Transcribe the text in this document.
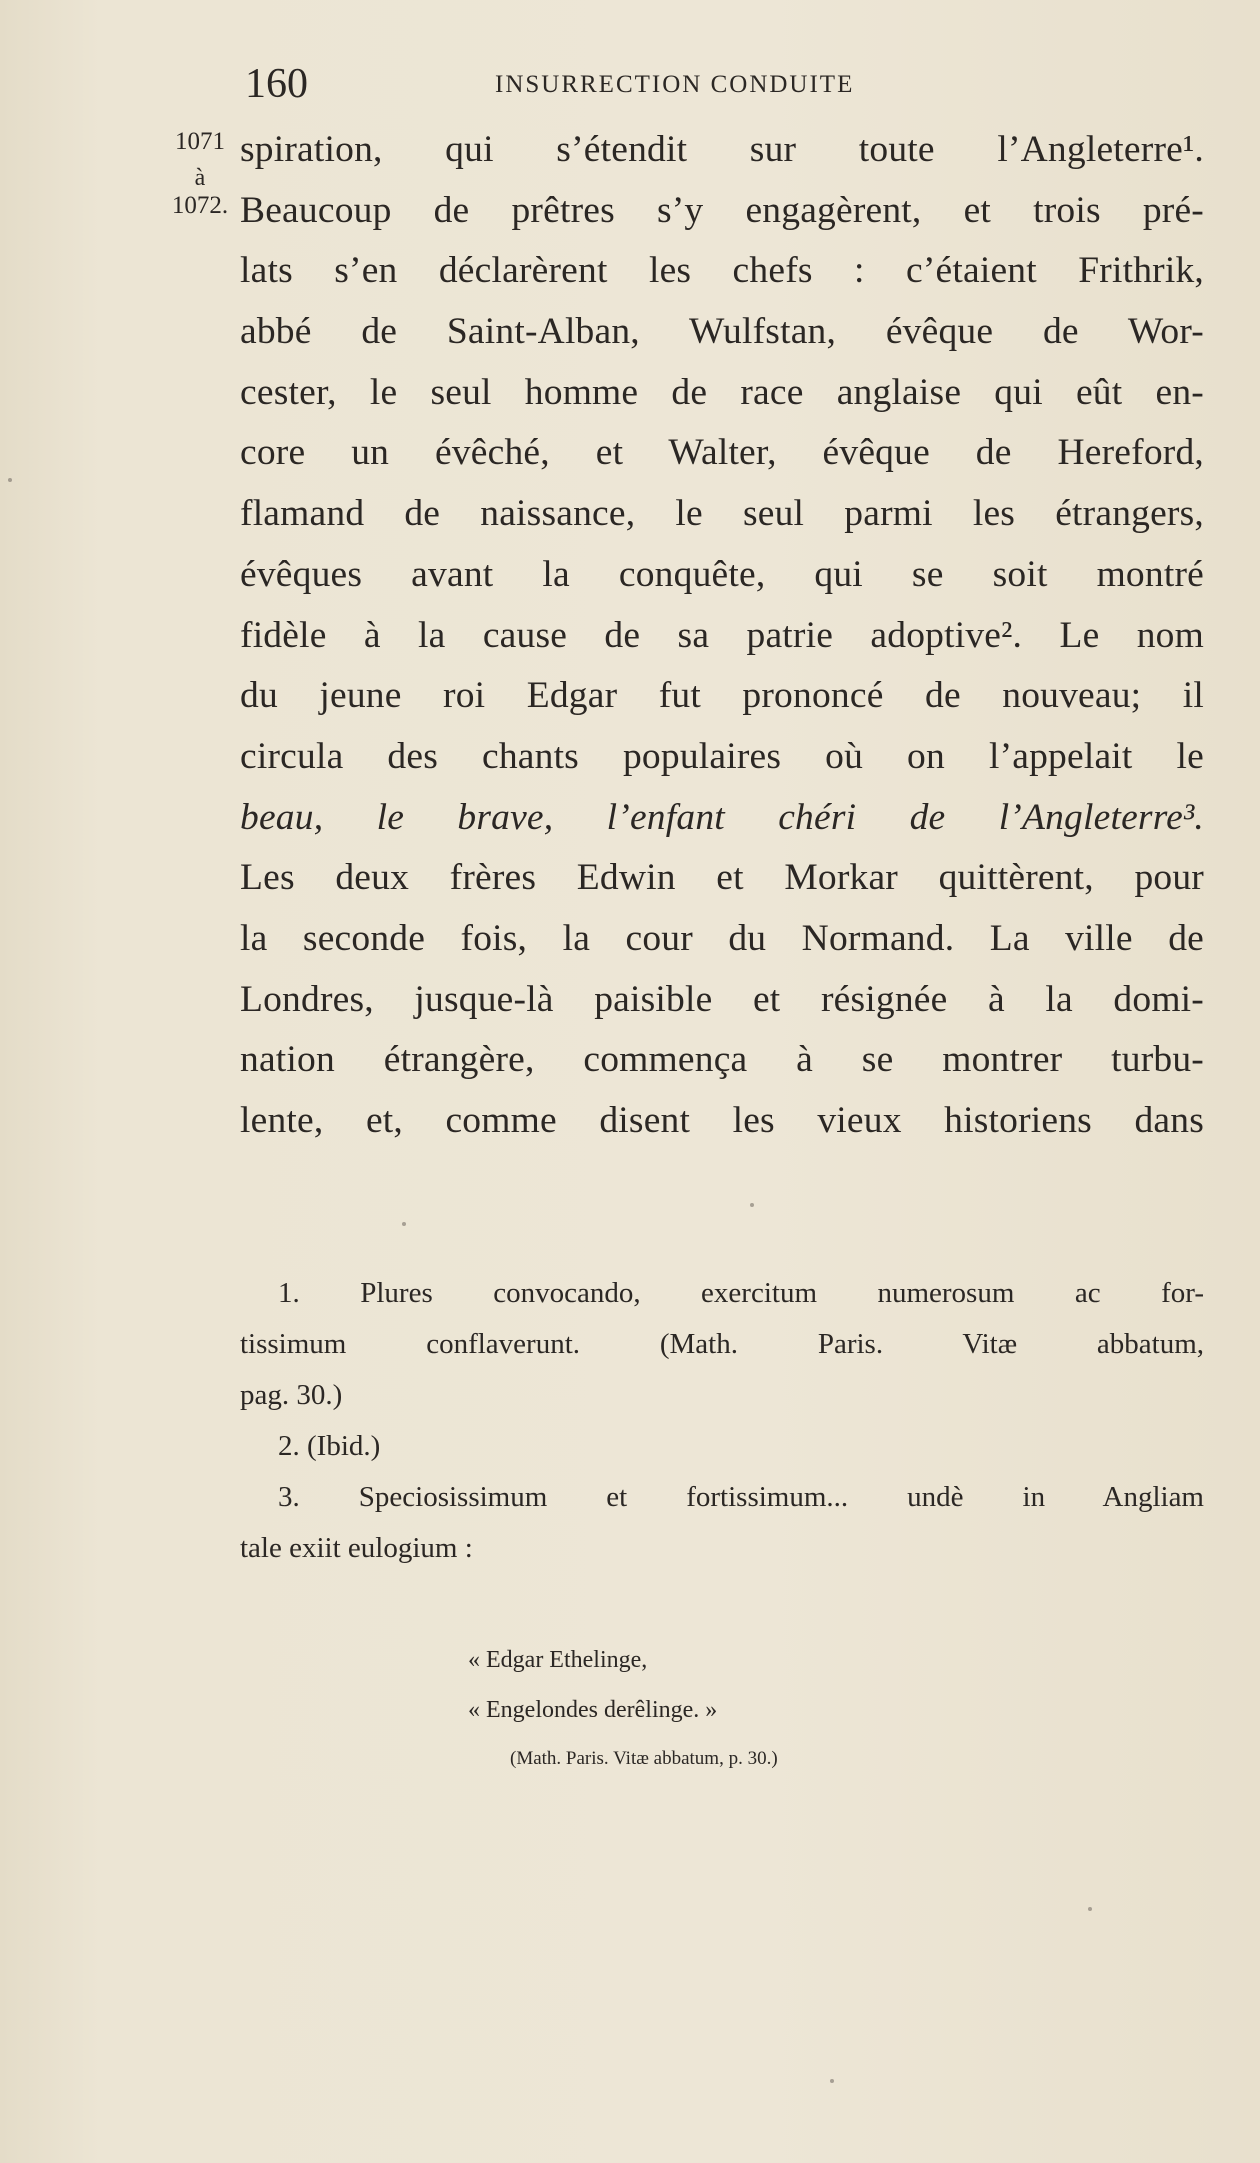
160	INSURRECTION CONDUITE
1071
à
1072.
spiration, qui s’étendit sur toute l’Angleterre¹.
Beaucoup de prêtres s’y engagèrent, et trois pré-
lats s’en déclarèrent les chefs : c’étaient Frithrik,
abbé de Saint-Alban, Wulfstan, évêque de Wor-
cester, le seul homme de race anglaise qui eût en-
core un évêché, et Walter, évêque de Hereford,
flamand de naissance, le seul parmi les étrangers,
évêques avant la conquête, qui se soit montré
fidèle à la cause de sa patrie adoptive². Le nom
du jeune roi Edgar fut prononcé de nouveau; il
circula des chants populaires où on l’appelait le
beau, le brave, l’enfant chéri de l’Angleterre³.
Les deux frères Edwin et Morkar quittèrent, pour
la seconde fois, la cour du Normand. La ville de
Londres, jusque-là paisible et résignée à la domi-
nation étrangère, commença à se montrer turbu-
lente, et, comme disent les vieux historiens dans
1. Plures convocando, exercitum numerosum ac for-
tissimum conflaverunt. (Math. Paris. Vitæ abbatum,
pag. 30.)
2. (Ibid.)
3. Speciosissimum et fortissimum... undè in Angliam
tale exiit eulogium :
« Edgar Ethelinge,
« Engelondes derêlinge. »
(Math. Paris. Vitæ abbatum, p. 30.)
